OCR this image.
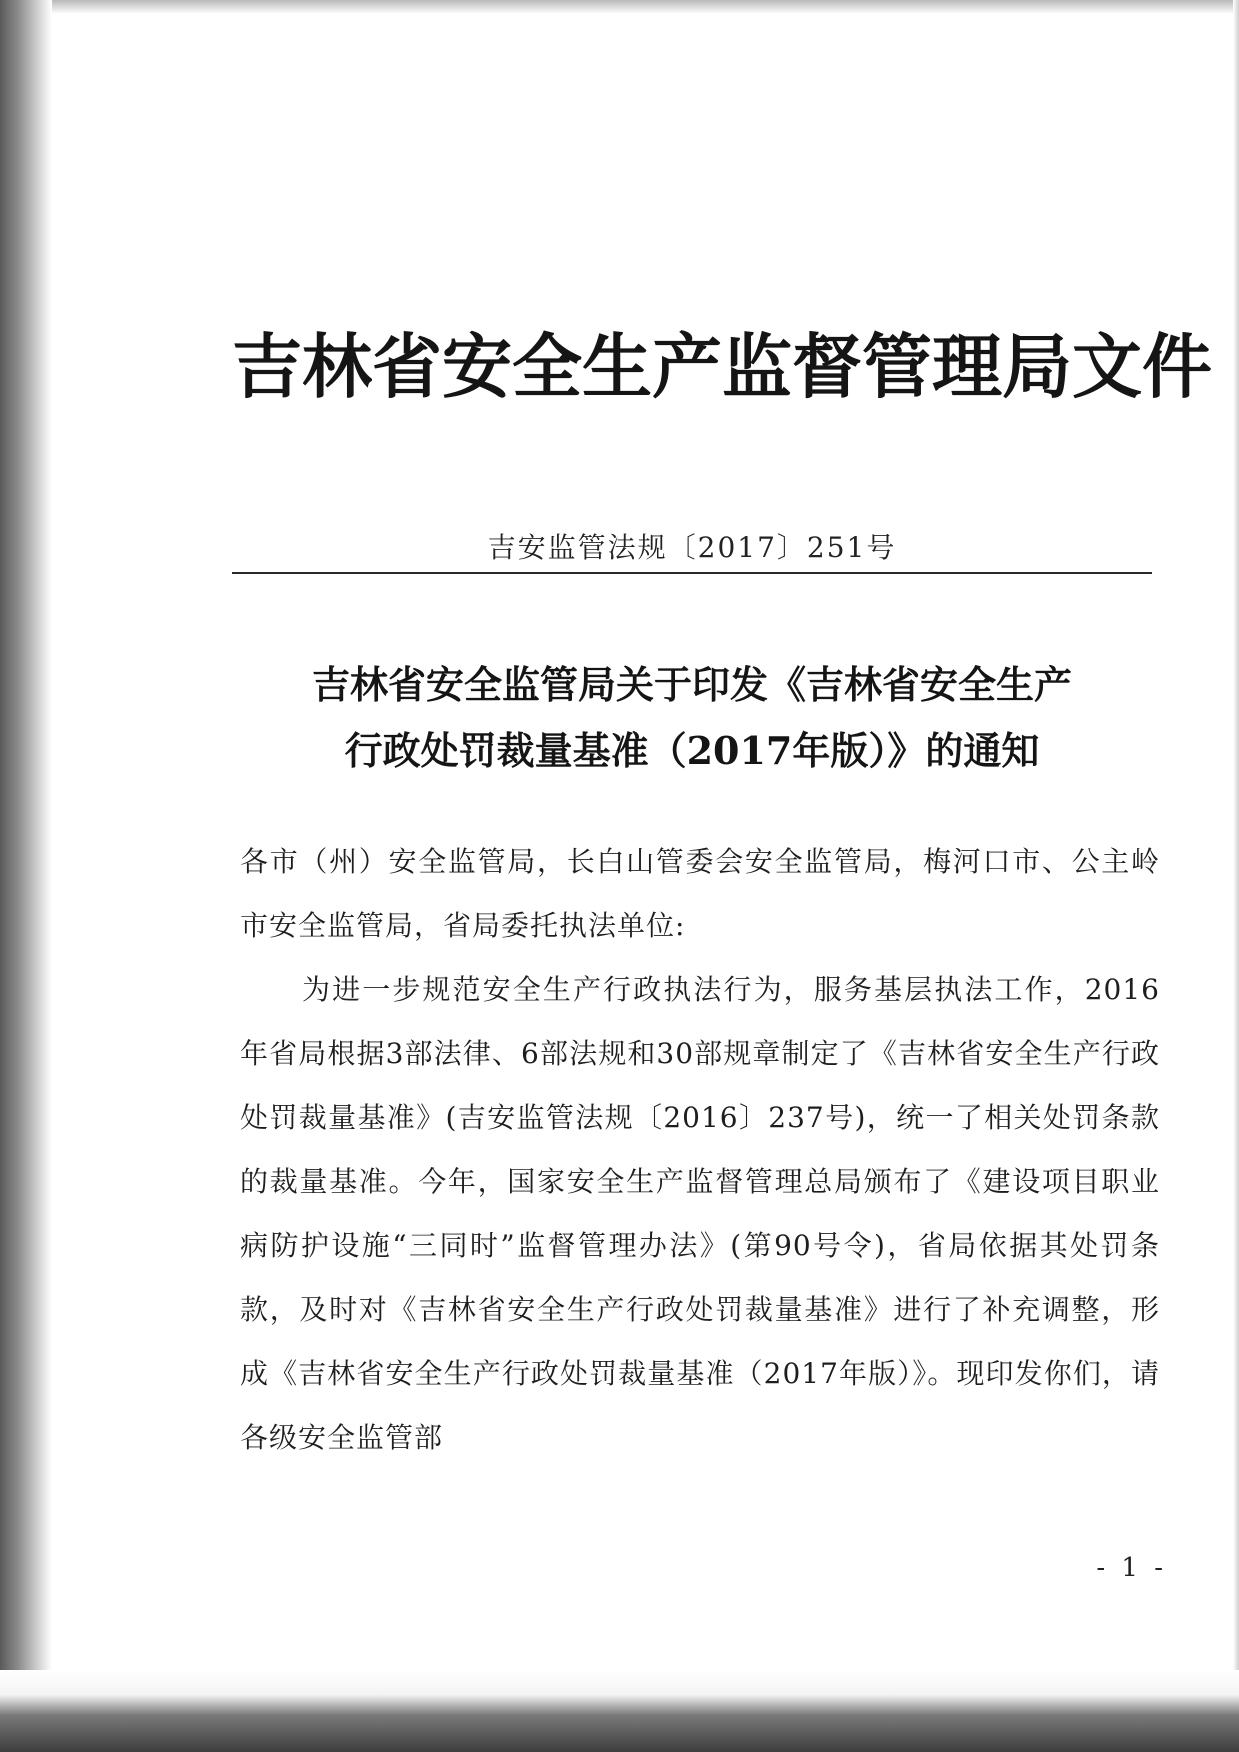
吉林省安全生产监督管理局文件
吉安监管法规〔2017〕251号
吉林省安全监管局关于印发《吉林省安全生产
行政处罚裁量基准（2017年版）》的通知

各市（州）安全监管局，长白山管委会安全监管局，梅河口市、公主岭市安全监管局，省局委托执法单位:

为进一步规范安全生产行政执法行为，服务基层执法工作，2016年省局根据3部法律、6部法规和30部规章制定了《吉林省安全生产行政处罚裁量基准》(吉安监管法规〔2016〕237号)，统一了相关处罚条款的裁量基准。今年，国家安全生产监督管理总局颁布了《建设项目职业病防护设施“三同时”监督管理办法》(第90号令)，省局依据其处罚条款，及时对《吉林省安全生产行政处罚裁量基准》进行了补充调整，形成《吉林省安全生产行政处罚裁量基准（2017年版）》。现印发你们，请各级安全监管部

- 1 -
